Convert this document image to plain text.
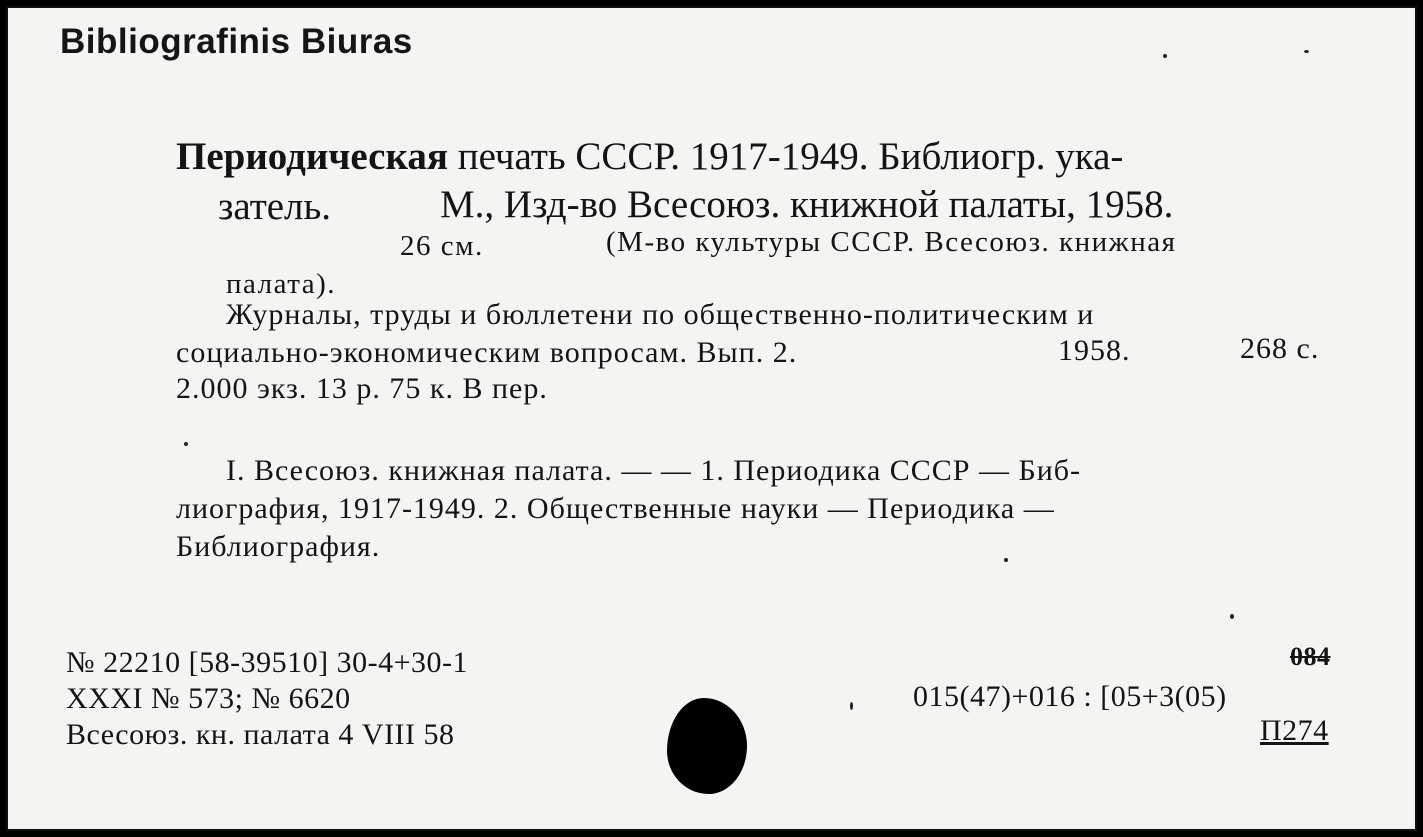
Bibliografinis Biuras
Периодическая печать СССР. 1917-1949. Библиогр. ука-
затель.	М., Изд-во Всесоюз. книжной палаты, 1958.
26 см.	(М-во культуры СССР. Всесоюз. книжная
палата).
Журналы, труды и бюллетени по общественно-политическим и
социально-экономическим вопросам. Вып. 2.	1958.	268 с.
2.000 экз. 13 р. 75 к. В пер.
I. Всесоюз. книжная палата. — — 1. Периодика СССР — Биб-
лиография, 1917-1949. 2. Общественные науки — Периодика —
Библиография.
№ 22210 [58-39510] 30-4+30-1
XXXI № 573; № 6620
Всесоюз. кн. палата 4 VIII 58
084
015(47)+016 : [05+3(05)
П274
